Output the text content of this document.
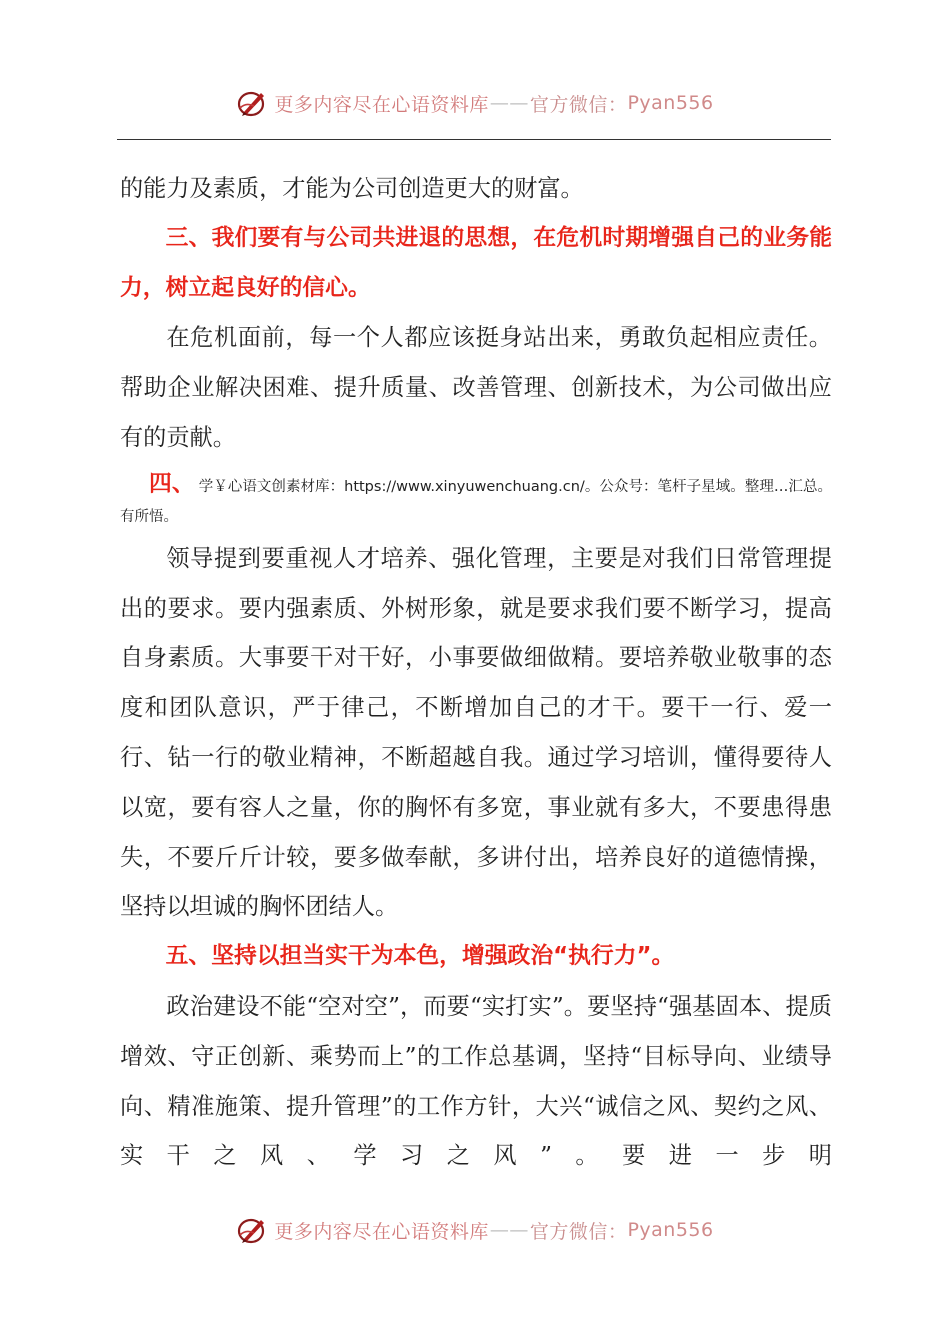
更多内容尽在心语资料库 —— 官方微信： Pyan556

的能力及素质，才能为公司创造更大的财富。

三、我们要有与公司共进退的思想，在危机时期增强自己的业务能力，树立起良好的信心。

在危机面前，每一个人都应该挺身站出来，勇敢负起相应责任。帮助企业解决困难、提升质量、改善管理、创新技术，为公司做出应有的贡献。

四、 学￥心语文创素材库：https://www.xinyuwenchuang.cn/。公众号：笔杆子星域。整理…汇总。有所悟。

领导提到要重视人才培养、强化管理，主要是对我们日常管理提出的要求。要内强素质、外树形象，就是要求我们要不断学习，提高自身素质。大事要干对干好，小事要做细做精。要培养敬业敬事的态度和团队意识，严于律己，不断增加自己的才干。要干一行、爱一行、钻一行的敬业精神，不断超越自我。通过学习培训，懂得要待人以宽，要有容人之量，你的胸怀有多宽，事业就有多大，不要患得患失，不要斤斤计较，要多做奉献，多讲付出，培养良好的道德情操，坚持以坦诚的胸怀团结人。

五、坚持以担当实干为本色，增强政治“执行力”。

政治建设不能“空对空”，而要“实打实”。要坚持“强基固本、提质增效、守正创新、乘势而上”的工作总基调，坚持“目标导向、业绩导向、精准施策、提升管理”的工作方针，大兴“诚信之风、契约之风、实干之风、学习之风”。要进一步明

更多内容尽在心语资料库 —— 官方微信： Pyan556
